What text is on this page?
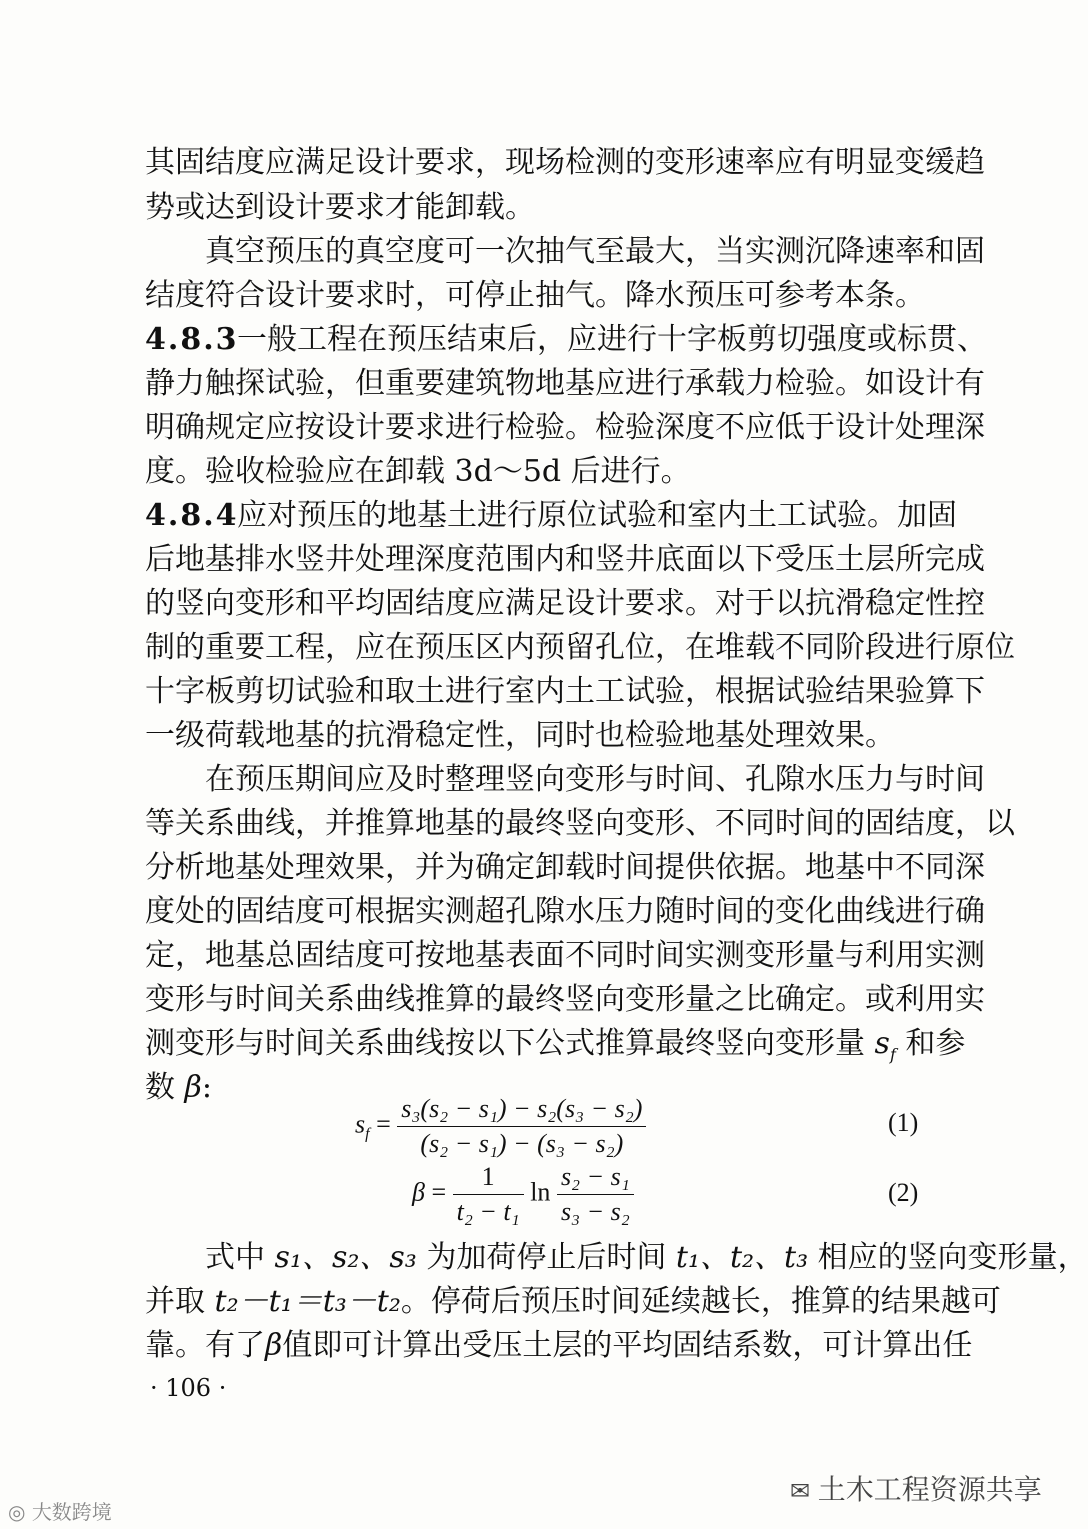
其固结度应满足设计要求，现场检测的变形速率应有明显变缓趋
势或达到设计要求才能卸载。
真空预压的真空度可一次抽气至最大，当实测沉降速率和固
结度符合设计要求时，可停止抽气。降水预压可参考本条。
4.8.3一般工程在预压结束后，应进行十字板剪切强度或标贯、
静力触探试验，但重要建筑物地基应进行承载力检验。如设计有
明确规定应按设计要求进行检验。检验深度不应低于设计处理深
度。验收检验应在卸载 3d～5d 后进行。
4.8.4应对预压的地基土进行原位试验和室内土工试验。加固
后地基排水竖井处理深度范围内和竖井底面以下受压土层所完成
的竖向变形和平均固结度应满足设计要求。对于以抗滑稳定性控
制的重要工程，应在预压区内预留孔位，在堆载不同阶段进行原位
十字板剪切试验和取土进行室内土工试验，根据试验结果验算下
一级荷载地基的抗滑稳定性，同时也检验地基处理效果。
在预压期间应及时整理竖向变形与时间、孔隙水压力与时间
等关系曲线，并推算地基的最终竖向变形、不同时间的固结度，以
分析地基处理效果，并为确定卸载时间提供依据。地基中不同深
度处的固结度可根据实测超孔隙水压力随时间的变化曲线进行确
定，地基总固结度可按地基表面不同时间实测变形量与利用实测
变形与时间关系曲线推算的最终竖向变形量之比确定。或利用实
测变形与时间关系曲线按以下公式推算最终竖向变形量 $s_f$ 和参
数 β:
$s_f = \frac{\text{s₃(s₂ − s₁) − s₂(s₃ − s₂)}}{\text{(s₂ − s₁) − (s₃ − s₂)}}$	(1)
$\beta = \frac{1}{\text{t₂ − t₁}}$ $\ln \frac{\text{s₂ − s₁}}{\text{s₃ − s₂}}$	(2)
式中 s₁、s₂、s₃ 为加荷停止后时间 t₁、t₂、t₃ 相应的竖向变形量，
并取 t₂－t₁＝t₃－t₂。停荷后预压时间延续越长，推算的结果越可
靠。有了β值即可计算出受压土层的平均固结系数，可计算出任
· 106 ·
◎ 大数跨境
✉ 土木工程资源共享
